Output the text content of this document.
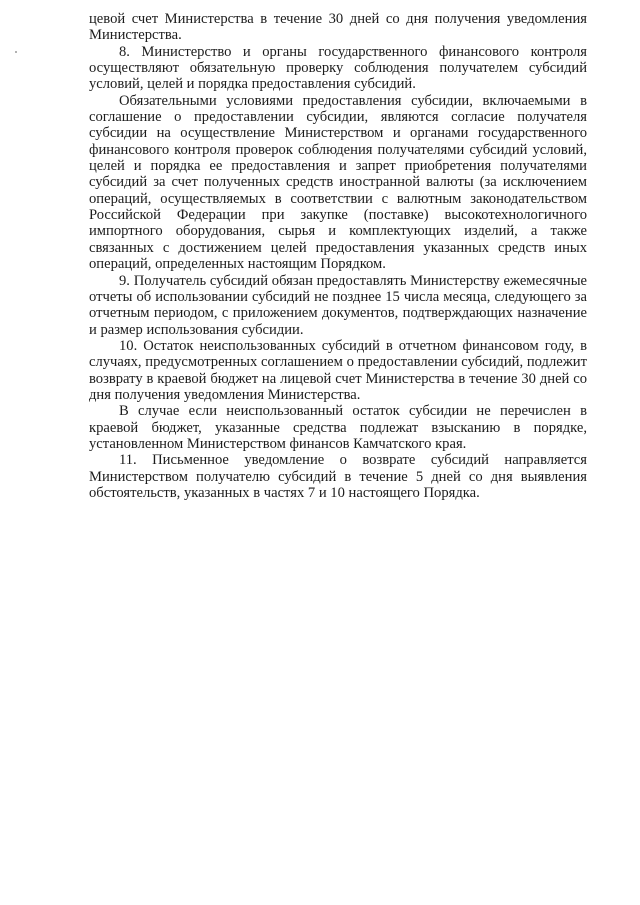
цевой счет Министерства в течение 30 дней со дня получения уведомления Министерства.

8. Министерство и органы государственного финансового контроля осуществляют обязательную проверку соблюдения получателем субсидий условий, целей и порядка предоставления субсидий.

Обязательными условиями предоставления субсидии, включаемыми в соглашение о предоставлении субсидии, являются согласие получателя субсидии на осуществление Министерством и органами государственного финансового контроля проверок соблюдения получателями субсидий условий, целей и порядка ее предоставления и запрет приобретения получателями субсидий за счет полученных средств иностранной валюты (за исключением операций, осуществляемых в соответствии с валютным законодательством Российской Федерации при закупке (поставке) высокотехнологичного импортного оборудования, сырья и комплектующих изделий, а также связанных с достижением целей предоставления указанных средств иных операций, определенных настоящим Порядком.

9. Получатель субсидий обязан предоставлять Министерству ежемесячные отчеты об использовании субсидий не позднее 15 числа месяца, следующего за отчетным периодом, с приложением документов, подтверждающих назначение и размер использования субсидии.

10. Остаток неиспользованных субсидий в отчетном финансовом году, в случаях, предусмотренных соглашением о предоставлении субсидий, подлежит возврату в краевой бюджет на лицевой счет Министерства в течение 30 дней со дня получения уведомления Министерства.

В случае если неиспользованный остаток субсидии не перечислен в краевой бюджет, указанные средства подлежат взысканию в порядке, установленном Министерством финансов Камчатского края.

11. Письменное уведомление о возврате субсидий направляется Министерством получателю субсидий в течение 5 дней со дня выявления обстоятельств, указанных в частях 7 и 10 настоящего Порядка.
